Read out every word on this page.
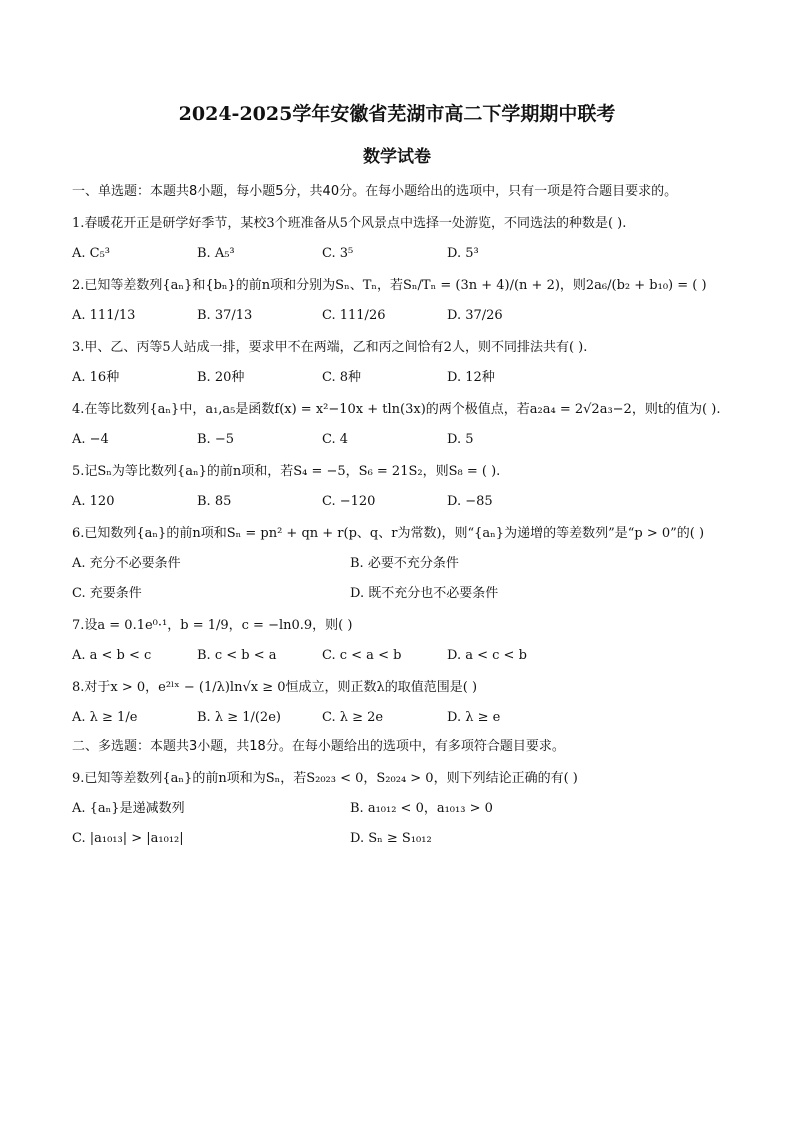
2024-2025学年安徽省芜湖市高二下学期期中联考
数学试卷

一、单选题：本题共8小题，每小题5分，共40分。在每小题给出的选项中，只有一项是符合题目要求的。

1.春暖花开正是研学好季节，某校3个班准备从5个风景点中选择一处游览，不同选法的种数是( ).

A. C₅³	B. A₅³	C. 3⁵	D. 5³

2.已知等差数列{aₙ}和{bₙ}的前n项和分别为Sₙ、Tₙ，若Sₙ/Tₙ = (3n + 4)/(n + 2)，则2a₆/(b₂ + b₁₀) = ( )

A. 111/13	B. 37/13	C. 111/26	D. 37/26

3.甲、乙、丙等5人站成一排，要求甲不在两端，乙和丙之间恰有2人，则不同排法共有( ).

A. 16种	B. 20种	C. 8种	D. 12种

4.在等比数列{aₙ}中，a₁,a₅是函数f(x) = x²−10x + tln(3x)的两个极值点，若a₂a₄ = 2√2a₃−2，则t的值为( ).

A. −4	B. −5	C. 4	D. 5

5.记Sₙ为等比数列{aₙ}的前n项和，若S₄ = −5，S₆ = 21S₂，则S₈ = ( ).

A. 120	B. 85	C. −120	D. −85

6.已知数列{aₙ}的前n项和Sₙ = pn² + qn + r(p、q、r为常数)，则“{aₙ}为递增的等差数列”是“p > 0”的( )

A. 充分不必要条件	B. 必要不充分条件
C. 充要条件	D. 既不充分也不必要条件

7.设a = 0.1e⁰·¹，b = 1/9，c = −ln0.9，则( )

A. a < b < c	B. c < b < a	C. c < a < b	D. a < c < b

8.对于x > 0，e²ˡˣ − (1/λ)ln√x ≥ 0恒成立，则正数λ的取值范围是( )

A. λ ≥ 1/e	B. λ ≥ 1/(2e)	C. λ ≥ 2e	D. λ ≥ e

二、多选题：本题共3小题，共18分。在每小题给出的选项中，有多项符合题目要求。

9.已知等差数列{aₙ}的前n项和为Sₙ，若S₂₀₂₃ < 0，S₂₀₂₄ > 0，则下列结论正确的有( )

A. {aₙ}是递减数列	B. a₁₀₁₂ < 0，a₁₀₁₃ > 0
C. |a₁₀₁₃| > |a₁₀₁₂|	D. Sₙ ≥ S₁₀₁₂
